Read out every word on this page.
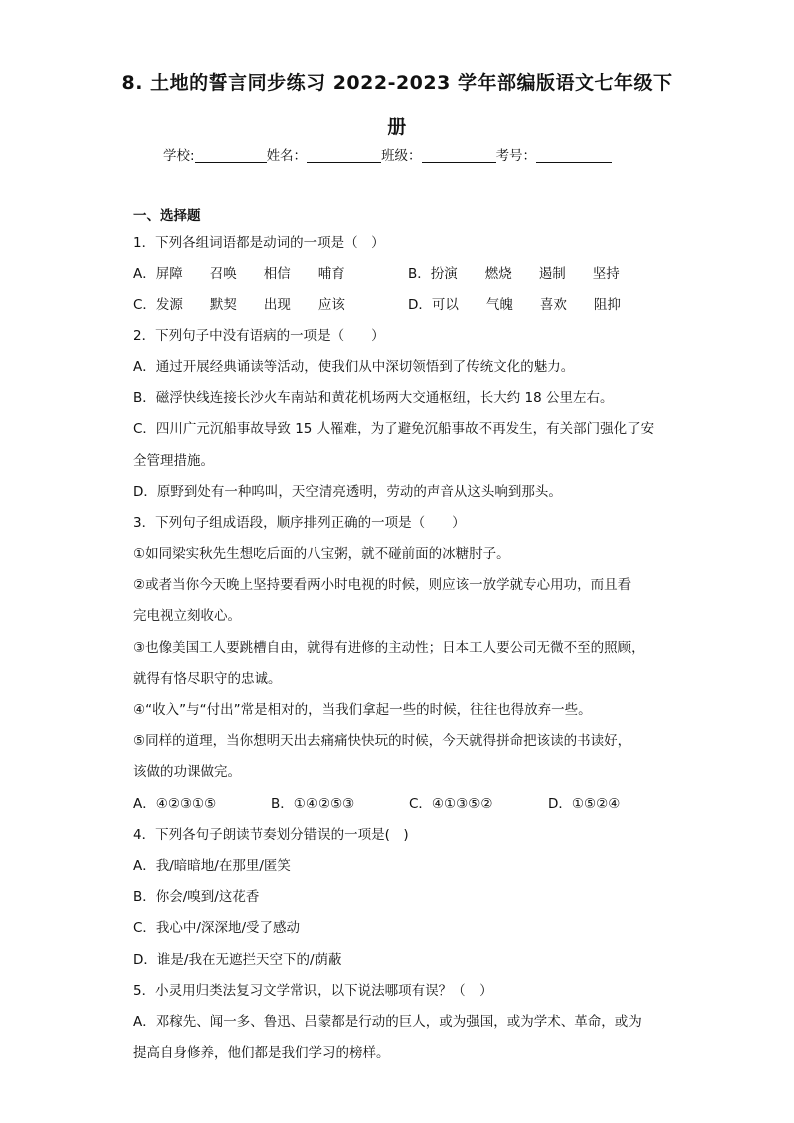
8. 土地的誓言同步练习 2022-2023 学年部编版语文七年级下
册
学校:	姓名：	班级：	考号：
一、选择题
1．下列各组词语都是动词的一项是（　）
A．屏障　　召唤　　相信　　哺育	B．扮演　　燃烧　　遏制　　坚持
C．发源　　默契　　出现　　应该	D．可以　　气魄　　喜欢　　阻抑
2．下列句子中没有语病的一项是（　　）
A．通过开展经典诵读等活动，使我们从中深切领悟到了传统文化的魅力。
B．磁浮快线连接长沙火车南站和黄花机场两大交通枢纽，长大约 18 公里左右。
C．四川广元沉船事故导致 15 人罹难，为了避免沉船事故不再发生，有关部门强化了安
全管理措施。
D．原野到处有一种呜叫，天空清亮透明，劳动的声音从这头响到那头。
3．下列句子组成语段，顺序排列正确的一项是（　　）
①如同梁实秋先生想吃后面的八宝粥，就不碰前面的冰糖肘子。
②或者当你今天晚上坚持要看两小时电视的时候，则应该一放学就专心用功，而且看
完电视立刻收心。
③也像美国工人要跳槽自由，就得有进修的主动性；日本工人要公司无微不至的照顾，
就得有恪尽职守的忠诚。
④“收入”与“付出”常是相对的，当我们拿起一些的时候，往往也得放弃一些。
⑤同样的道理，当你想明天出去痛痛快快玩的时候，今天就得拼命把该读的书读好，
该做的功课做完。
A．④②③①⑤	B．①④②⑤③	C．④①③⑤②	D．①⑤②④
4．下列各句子朗读节奏划分错误的一项是(　)
A．我/暗暗地/在那里/匿笑
B．你会/嗅到/这花香
C．我心中/深深地/受了感动
D．谁是/我在无遮拦天空下的/荫蔽
5．小灵用归类法复习文学常识，以下说法哪项有误？（　）
A．邓稼先、闻一多、鲁迅、吕蒙都是行动的巨人，或为强国，或为学术、革命，或为
提高自身修养，他们都是我们学习的榜样。
